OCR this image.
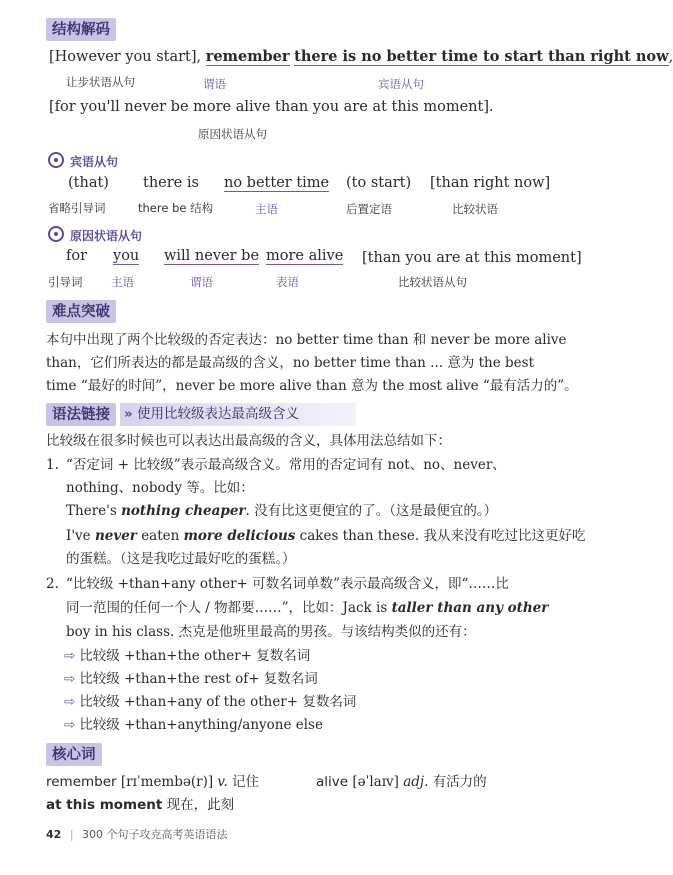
结构解码
[However you start], remember there is no better time to start than right now,
让步状语从句	谓语	宾语从句
[for you'll never be more alive than you are at this moment].
原因状语从句
宾语从句
(that) there is no better time (to start) [than right now]
省略引导词	there be 结构	主语	后置定语	比较状语
原因状语从句
for you will never be more alive [than you are at this moment]
引导词 主语	谓语	表语	比较状语从句
难点突破
本句中出现了两个比较级的否定表达：no better time than 和 never be more alive
than，它们所表达的都是最高级的含义，no better time than ... 意为 the best
time “最好的时间”，never be more alive than 意为 the most alive “最有活力的”。
语法链接	» 使用比较级表达最高级含义
比较级在很多时候也可以表达出最高级的含义，具体用法总结如下：
1. “否定词 + 比较级”表示最高级含义。常用的否定词有 not、no、never、
nothing、nobody 等。比如：
There's nothing cheaper. 没有比这更便宜的了。（这是最便宜的。）
I've never eaten more delicious cakes than these. 我从来没有吃过比这更好吃
的蛋糕。（这是我吃过最好吃的蛋糕。）
2. “比较级 +than+any other+ 可数名词单数”表示最高级含义，即“……比
同一范围的任何一个人 / 物都要……”，比如：Jack is taller than any other
boy in his class. 杰克是他班里最高的男孩。与该结构类似的还有：
⇨ 比较级 +than+the other+ 复数名词
⇨ 比较级 +than+the rest of+ 复数名词
⇨ 比较级 +than+any of the other+ 复数名词
⇨ 比较级 +than+anything/anyone else
核心词
remember [rɪˈmembə(r)] v. 记住	alive [əˈlaɪv] adj. 有活力的
at this moment 现在，此刻
42 | 300 个句子攻克高考英语语法
